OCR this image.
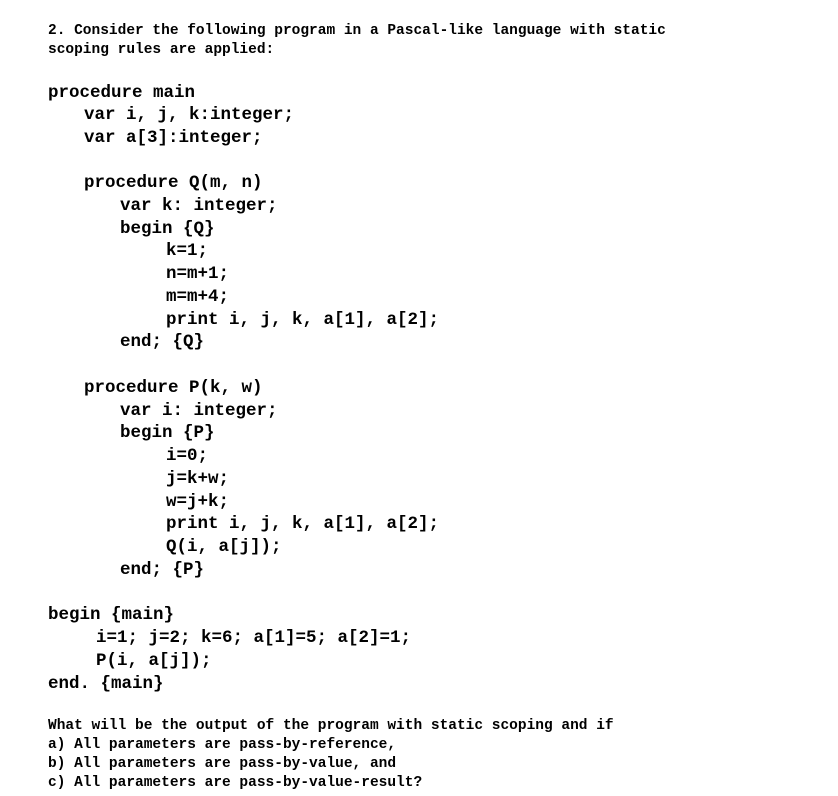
2. Consider the following program in a Pascal-like language with static
scoping rules are applied:
procedure main
var i, j, k:integer;
var a[3]:integer;
procedure Q(m, n)
var k: integer;
begin {Q}
k=1;
n=m+1;
m=m+4;
print i, j, k, a[1], a[2];
end; {Q}
procedure P(k, w)
var i: integer;
begin {P}
i=0;
j=k+w;
w=j+k;
print i, j, k, a[1], a[2];
Q(i, a[j]);
end; {P}
begin {main}
i=1; j=2; k=6; a[1]=5; a[2]=1;
P(i, a[j]);
end. {main}
What will be the output of the program with static scoping and if
a) All parameters are pass-by-reference,
b) All parameters are pass-by-value, and
c) All parameters are pass-by-value-result?
